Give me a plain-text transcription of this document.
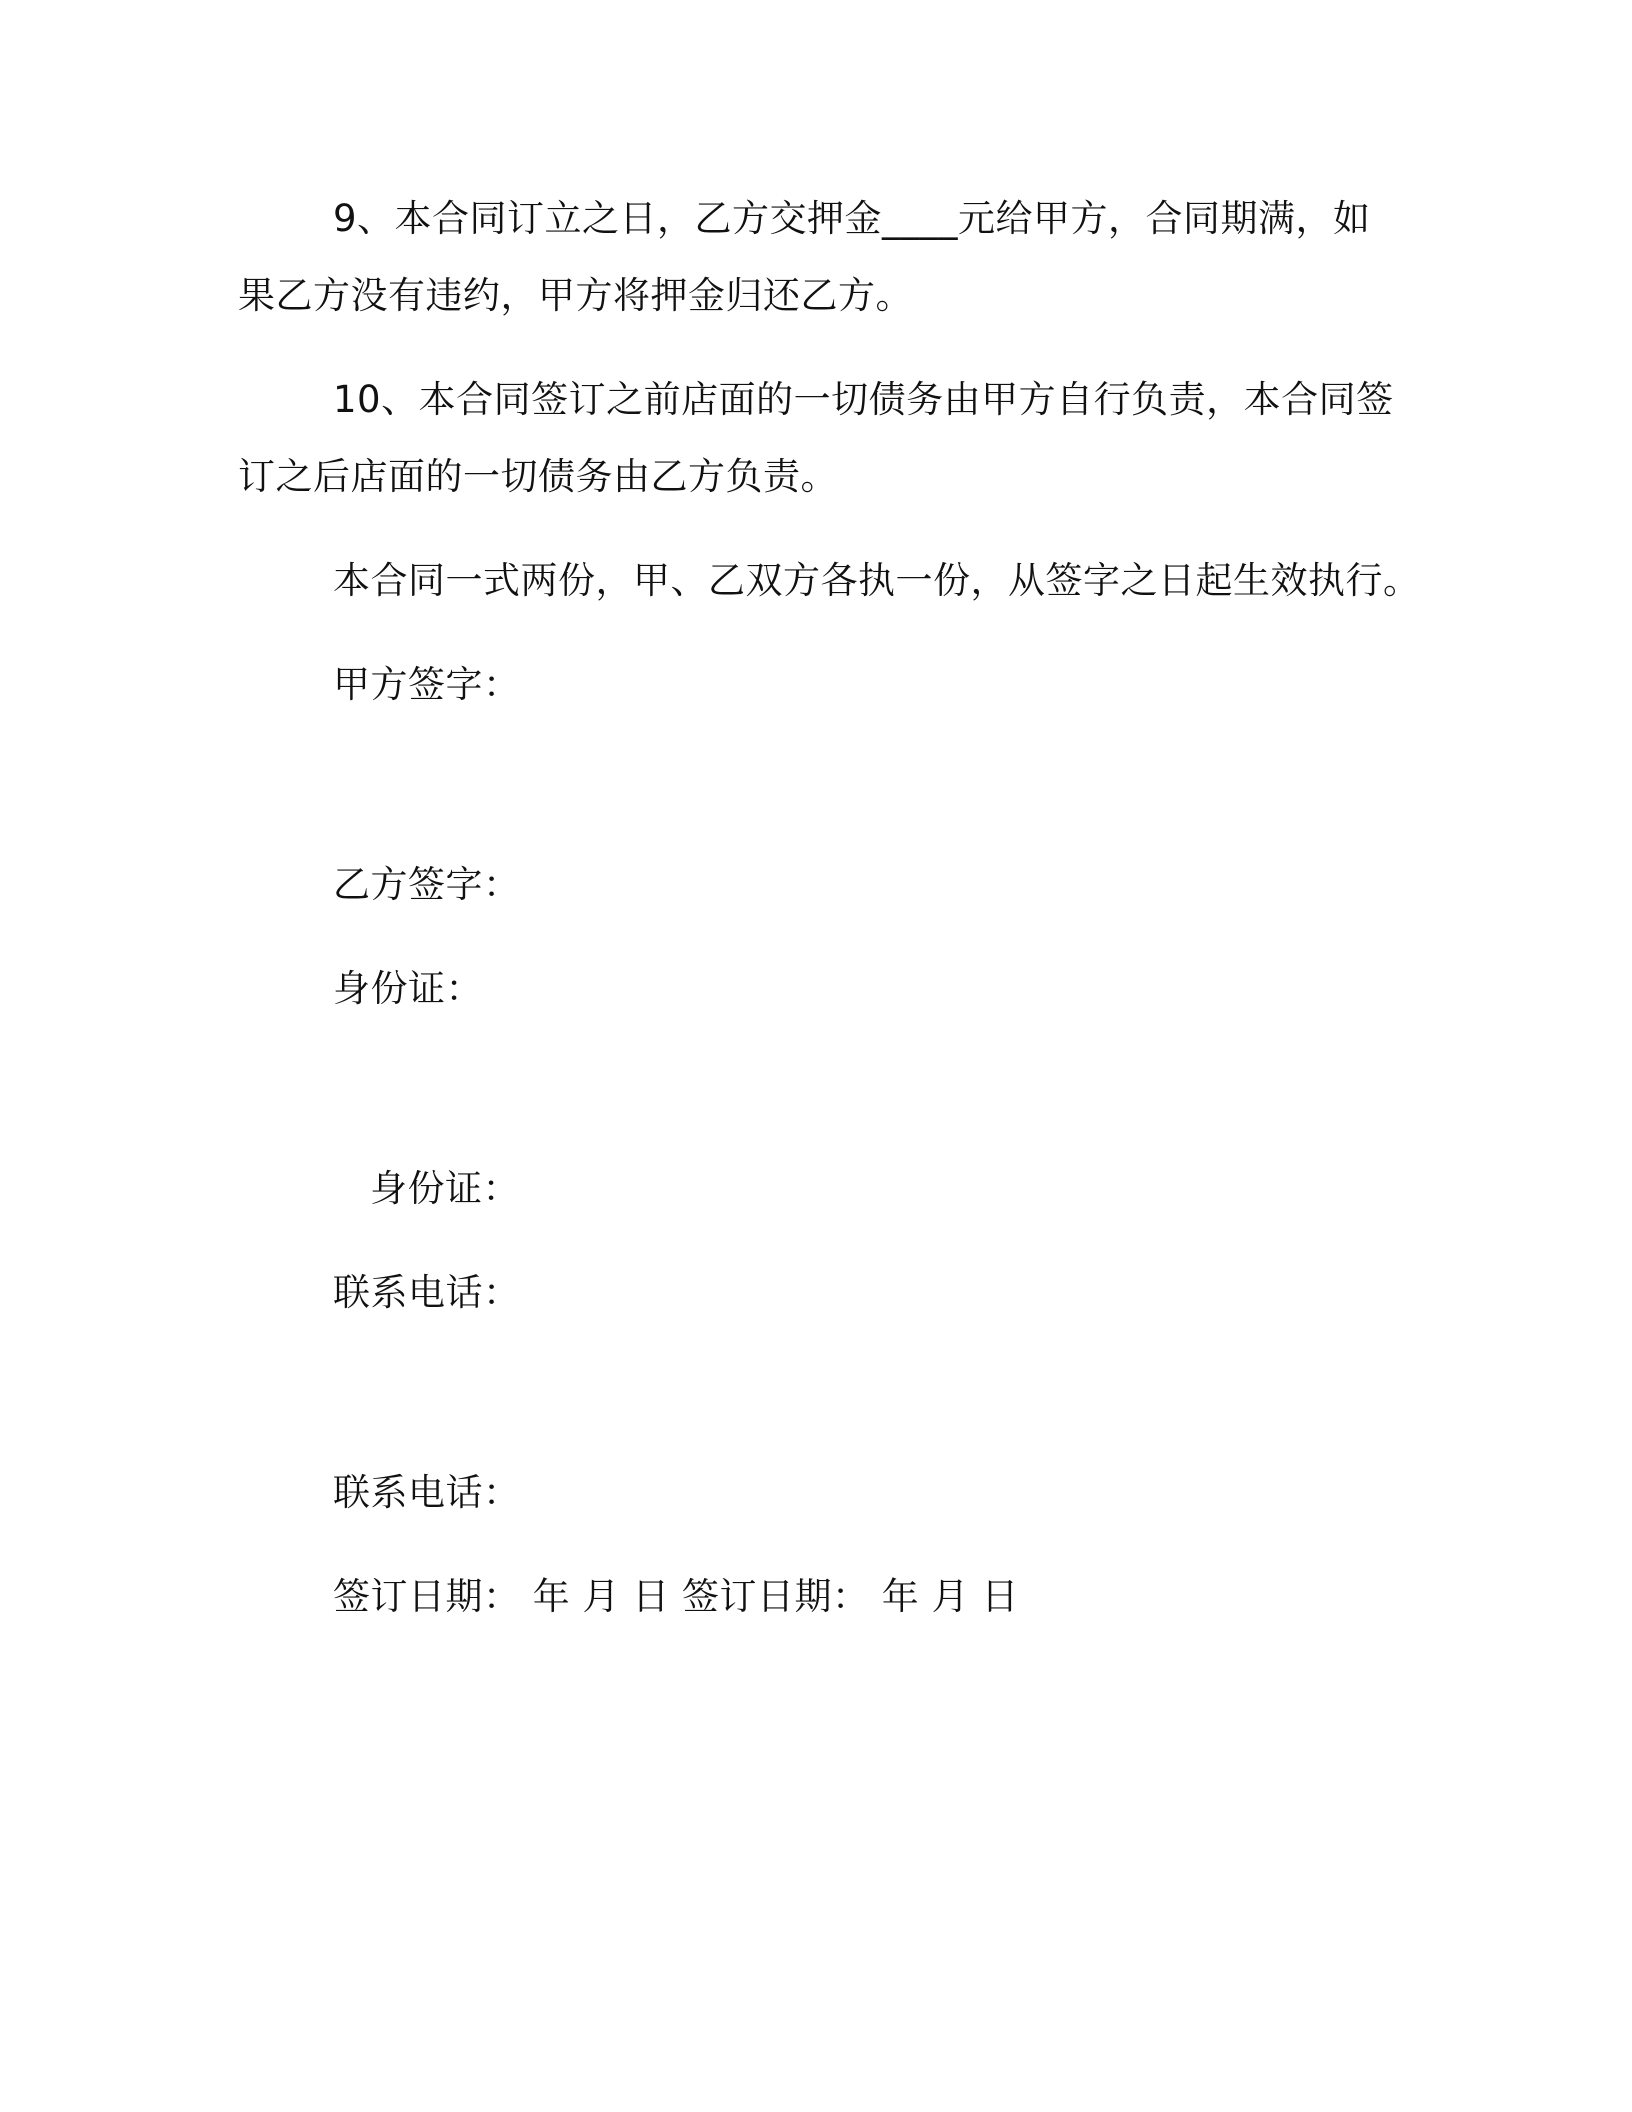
9、本合同订立之日，乙方交押金____元给甲方，合同期满，如
果乙方没有违约，甲方将押金归还乙方。
10、本合同签订之前店面的一切债务由甲方自行负责，本合同签
订之后店面的一切债务由乙方负责。
本合同一式两份，甲、乙双方各执一份，从签字之日起生效执行。
甲方签字：
乙方签字：
身份证：
身份证：
联系电话：
联系电话：
签订日期： 年 月 日 签订日期： 年 月 日
